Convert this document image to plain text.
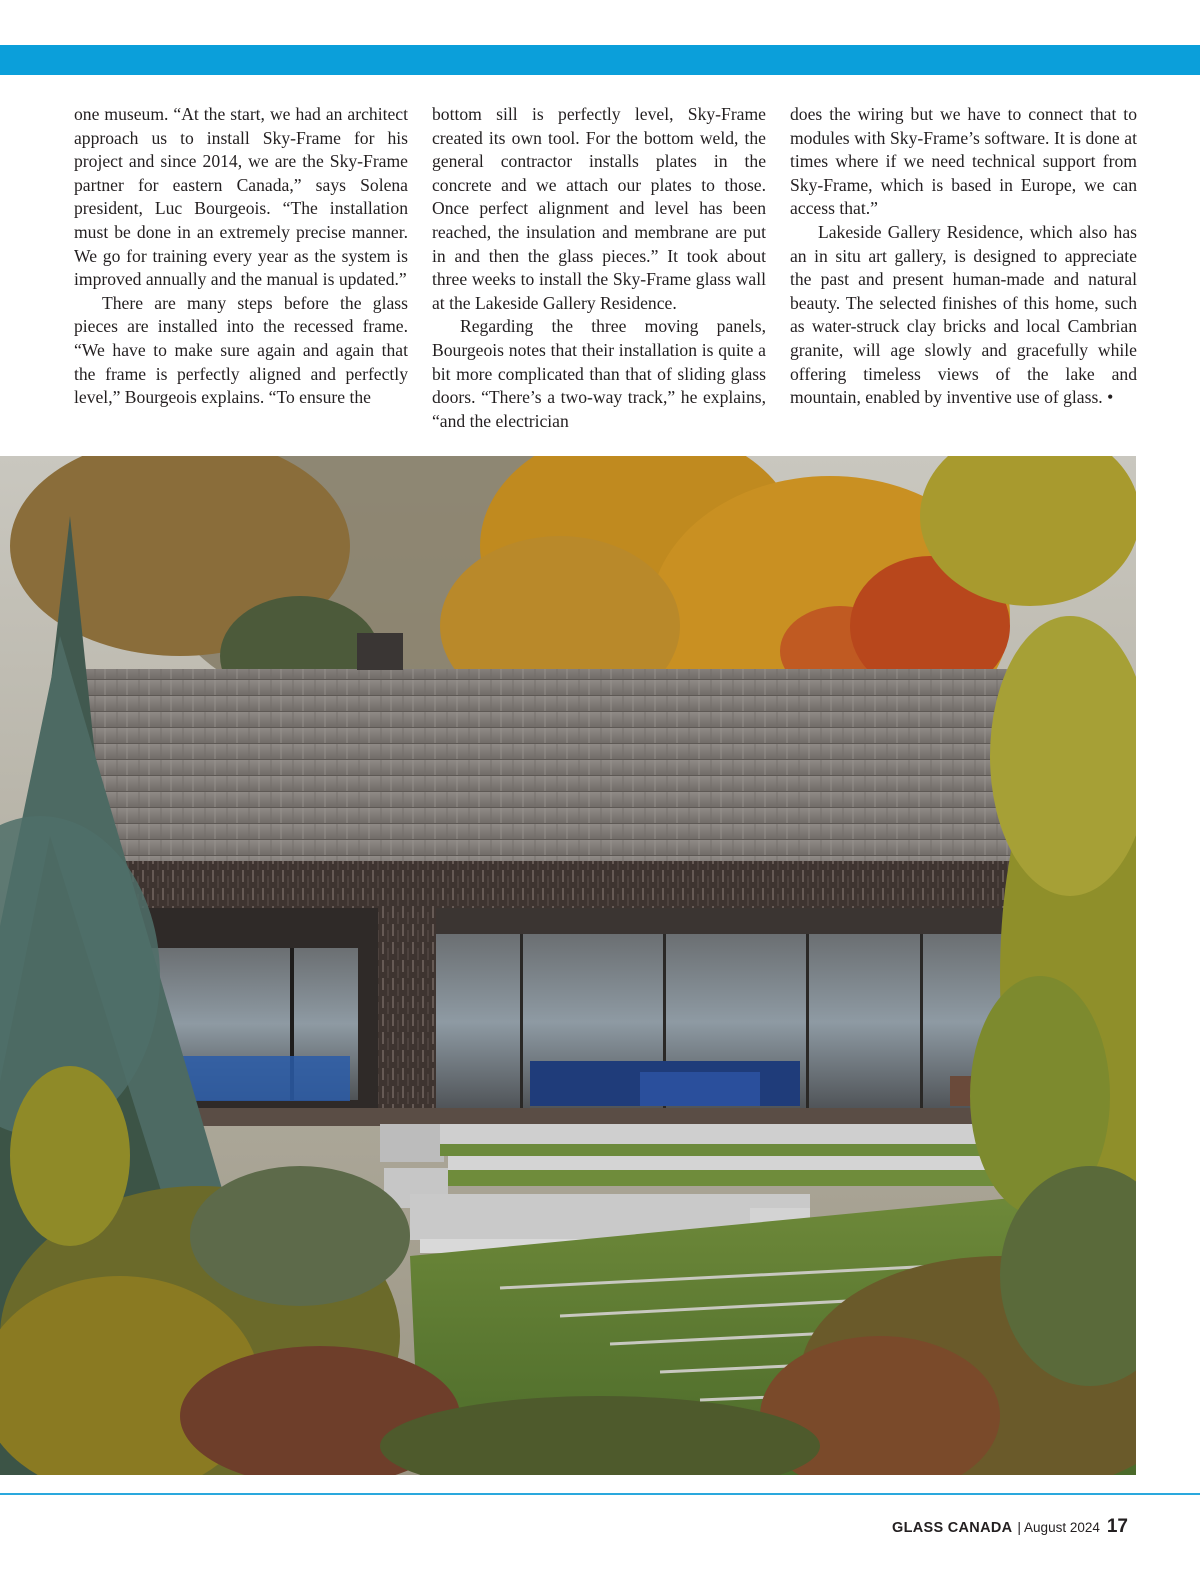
one museum. “At the start, we had an architect approach us to install Sky-Frame for his project and since 2014, we are the Sky-Frame partner for eastern Canada,” says Solena president, Luc Bourgeois. “The installation must be done in an extremely precise manner. We go for training every year as the system is improved annually and the manual is updated.”

There are many steps before the glass pieces are installed into the recessed frame. “We have to make sure again and again that the frame is perfectly aligned and perfectly level,” Bourgeois explains. “To ensure the

bottom sill is perfectly level, Sky-Frame created its own tool. For the bottom weld, the general contractor installs plates in the concrete and we attach our plates to those. Once perfect alignment and level has been reached, the insulation and membrane are put in and then the glass pieces.” It took about three weeks to install the Sky-Frame glass wall at the Lakeside Gallery Residence.

Regarding the three moving panels, Bourgeois notes that their installation is quite a bit more complicated than that of sliding glass doors. “There’s a two-way track,” he explains, “and the electrician

does the wiring but we have to connect that to modules with Sky-Frame’s software. It is done at times where if we need technical support from Sky-Frame, which is based in Europe, we can access that.”

Lakeside Gallery Residence, which also has an in situ art gallery, is designed to appreciate the past and present human-made and natural beauty. The selected finishes of this home, such as water-struck clay bricks and local Cambrian granite, will age slowly and gracefully while offering timeless views of the lake and mountain, enabled by inventive use of glass. •

GLASS CANADA | August 2024 17
